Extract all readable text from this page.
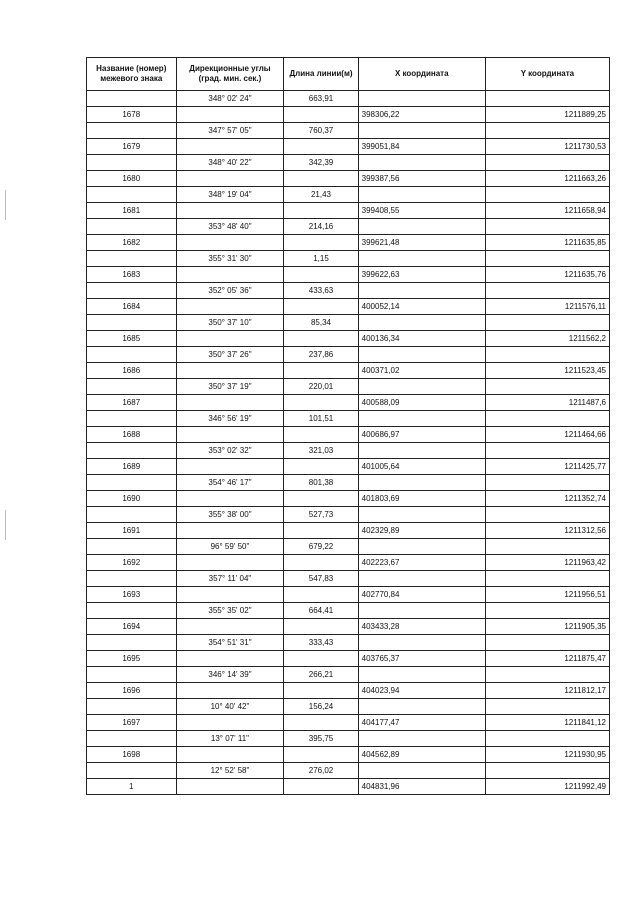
Название (номер) межевого знака	Дирекционные углы (град. мин. сек.)	Длина линии(м)	X координата	Y координата
	348° 02' 24"	663,91		
1678			398306,22	1211889,25
	347° 57' 05"	760,37		
1679			399051,84	1211730,53
	348° 40' 22"	342,39		
1680			399387,56	1211663,26
	348° 19' 04"	21,43		
1681			399408,55	1211658,94
	353° 48' 40"	214,16		
1682			399621,48	1211635,85
	355° 31' 30"	1,15		
1683			399622,63	1211635,76
	352° 05' 36"	433,63		
1684			400052,14	1211576,11
	350° 37' 10"	85,34		
1685			400136,34	1211562,2
	350° 37' 26"	237,86		
1686			400371,02	1211523,45
	350° 37' 19"	220,01		
1687			400588,09	1211487,6
	346° 56' 19"	101,51		
1688			400686,97	1211464,66
	353° 02' 32"	321,03		
1689			401005,64	1211425,77
	354° 46' 17"	801,38		
1690			401803,69	1211352,74
	355° 38' 00"	527,73		
1691			402329,89	1211312,56
	96° 59' 50"	679,22		
1692			402223,67	1211963,42
	357° 11' 04"	547,83		
1693			402770,84	1211956,51
	355° 35' 02"	664,41		
1694			403433,28	1211905,35
	354° 51' 31"	333,43		
1695			403765,37	1211875,47
	346° 14' 39"	266,21		
1696			404023,94	1211812,17
	10° 40' 42"	156,24		
1697			404177,47	1211841,12
	13° 07' 11"	395,75		
1698			404562,89	1211930,95
	12° 52' 58"	276,02		
1			404831,96	1211992,49
